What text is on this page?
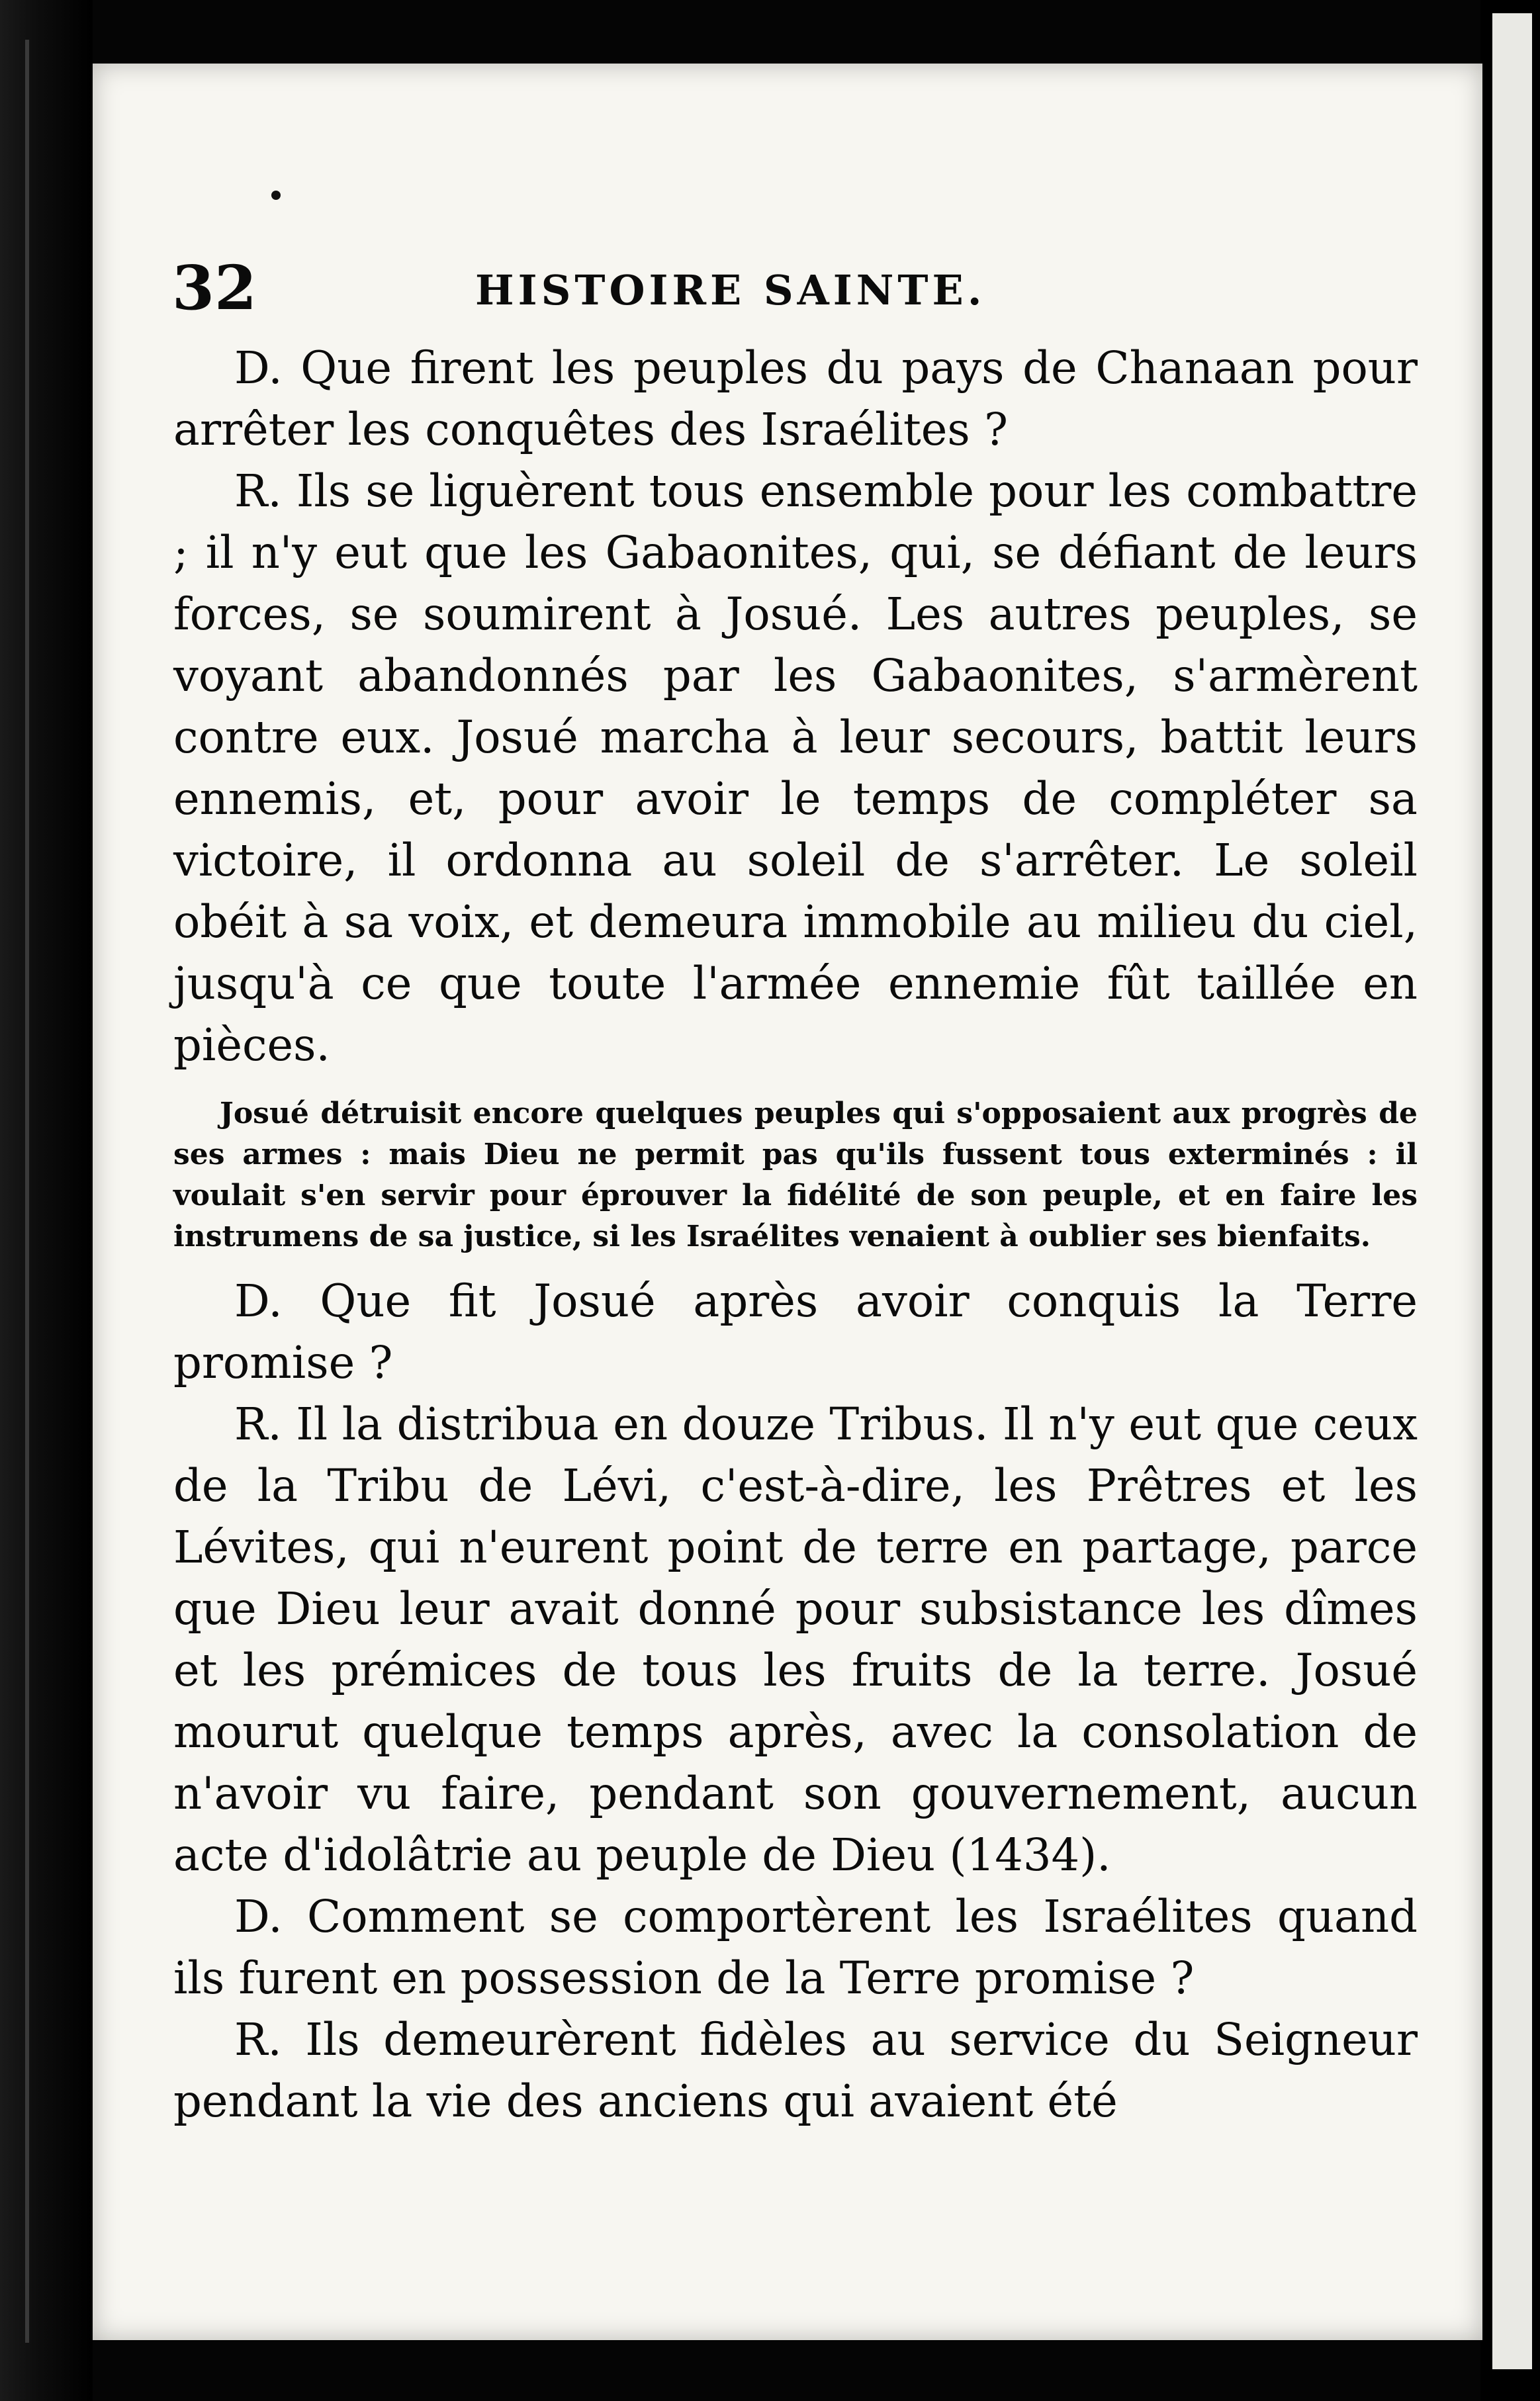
32	HISTOIRE SAINTE.

D. Que firent les peuples du pays de Chanaan pour arrêter les conquêtes des Israélites ?

R. Ils se liguèrent tous ensemble pour les combattre ; il n'y eut que les Gabaonites, qui, se défiant de leurs forces, se soumirent à Josué. Les autres peuples, se voyant abandonnés par les Gabaonites, s'armèrent contre eux. Josué marcha à leur secours, battit leurs ennemis, et, pour avoir le temps de compléter sa victoire, il ordonna au soleil de s'arrêter. Le soleil obéit à sa voix, et demeura immobile au milieu du ciel, jusqu'à ce que toute l'armée ennemie fût taillée en pièces.

Josué détruisit encore quelques peuples qui s'opposaient aux progrès de ses armes : mais Dieu ne permit pas qu'ils fussent tous exterminés : il voulait s'en servir pour éprouver la fidélité de son peuple, et en faire les instrumens de sa justice, si les Israélites venaient à oublier ses bienfaits.

D. Que fit Josué après avoir conquis la Terre promise ?

R. Il la distribua en douze Tribus. Il n'y eut que ceux de la Tribu de Lévi, c'est-à-dire, les Prêtres et les Lévites, qui n'eurent point de terre en partage, parce que Dieu leur avait donné pour subsistance les dîmes et les prémices de tous les fruits de la terre. Josué mourut quelque temps après, avec la consolation de n'avoir vu faire, pendant son gouvernement, aucun acte d'idolâtrie au peuple de Dieu (1434).

D. Comment se comportèrent les Israélites quand ils furent en possession de la Terre promise ?

R. Ils demeurèrent fidèles au service du Seigneur pendant la vie des anciens qui avaient été
